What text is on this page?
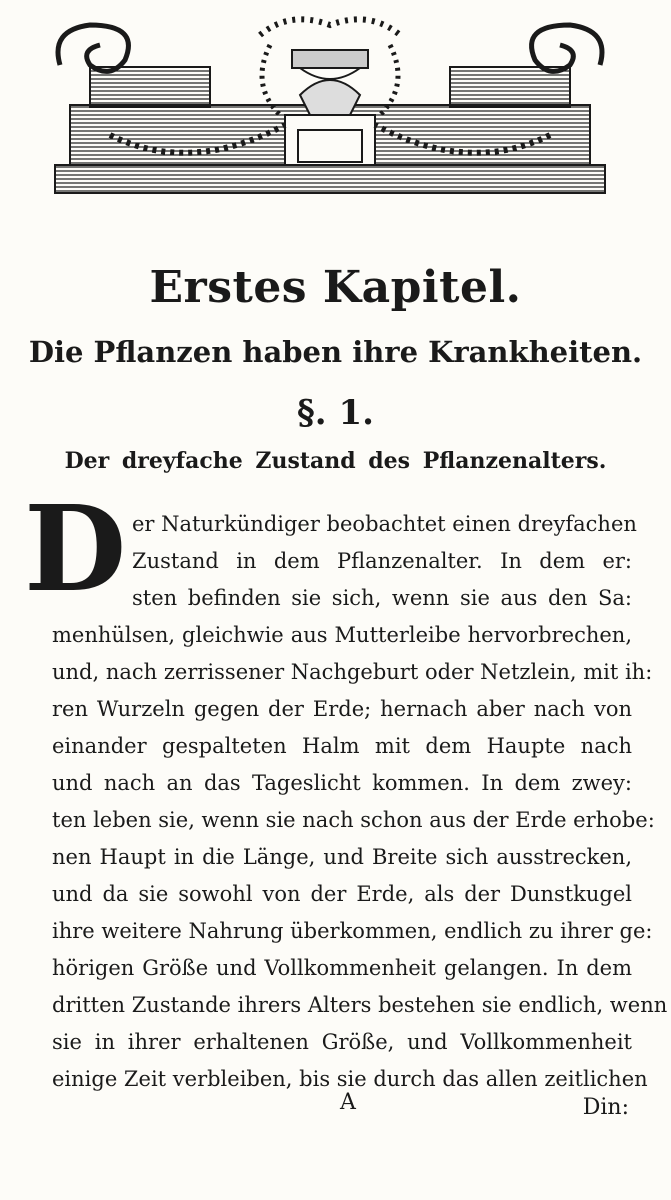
Erstes Kapitel.
Die Pflanzen haben ihre Krankheiten.
§. 1.
Der dreyfache Zustand des Pflanzenalters.
D er Naturkündiger beobachtet einen dreyfachen
Zustand in dem Pflanzenalter. In dem er:
sten befinden sie sich, wenn sie aus den Sa:
menhülsen, gleichwie aus Mutterleibe hervorbrechen,
und, nach zerrissener Nachgeburt oder Netzlein, mit ih:
ren Wurzeln gegen der Erde; hernach aber nach von
einander gespalteten Halm mit dem Haupte nach
und nach an das Tageslicht kommen. In dem zwey:
ten leben sie, wenn sie nach schon aus der Erde erhobe:
nen Haupt in die Länge, und Breite sich ausstrecken,
und da sie sowohl von der Erde, als der Dunstkugel
ihre weitere Nahrung überkommen, endlich zu ihrer ge:
hörigen Größe und Vollkommenheit gelangen. In dem
dritten Zustande ihrers Alters bestehen sie endlich, wenn
sie in ihrer erhaltenen Größe, und Vollkommenheit
einige Zeit verbleiben, bis sie durch das allen zeitlichen
A	Din:
